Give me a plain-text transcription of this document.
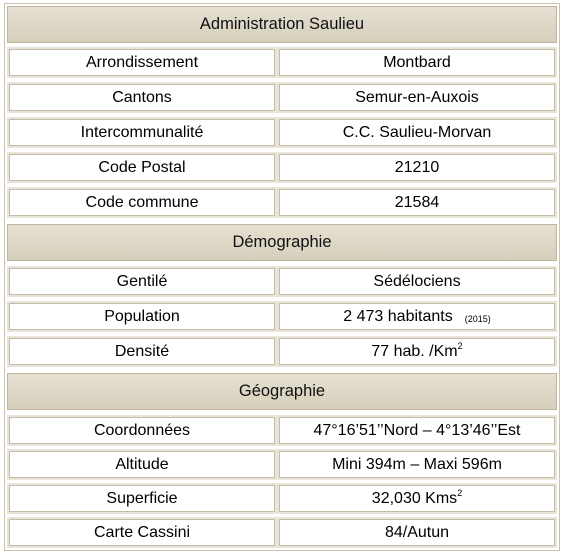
Administration Saulieu
Arrondissement	Montbard
Cantons	Semur-en-Auxois
Intercommunalité	C.C. Saulieu-Morvan
Code Postal	21210
Code commune	21584
Démographie
Gentilé	Sédélociens
Population	2 473 habitants (2015)
Densité	77 hab. /Km$^2$
Géographie
Coordonnées	47°16’51’’Nord – 4°13’46’’Est
Altitude	Mini 394m – Maxi 596m
Superficie	32,030 Kms$^2$
Carte Cassini	84/Autun
